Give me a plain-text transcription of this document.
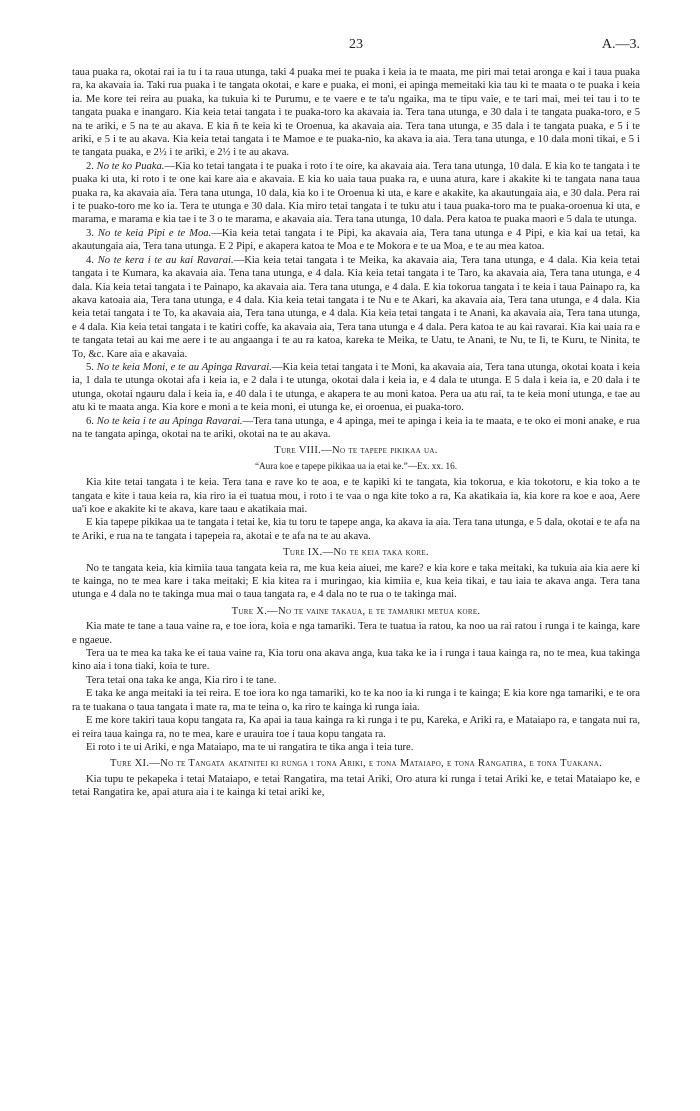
23	A.—3.

taua puaka ra, okotai rai ia tu i ta raua utunga, taki 4 puaka mei te puaka i keia ia te maata, me piri mai tetai aronga e kai i taua puaka ra, ka akavaia ia. Taki rua puaka i te tangata okotai, e kare e puaka, ei moni, ei apinga memeitaki kia tau ki te maata o te puaka i keia ia. Me kore tei reira au puaka, ka tukuia ki te Purumu, e te vaere e te ta'u ngaika, ma te tipu vaie, e te tari mai, mei tei tau i to te tangata puaka e inangaro. Kia keia tetai tangata i te puaka-toro ka akavaia ia. Tera tana utunga, e 30 dala i te tangata puaka-toro, e 5 na te ariki, e 5 na te au akava. E kia ñ te keia ki te Oroenua, ka akavaia aia. Tera tana utunga, e 35 dala i te tangata puaka, e 5 i te ariki, e 5 i te au akava. Kia keia tetai tangata i te Mamoe e te puaka-nio, ka akava ia aia. Tera tana utunga, e 10 dala moni tikai, e 5 i te tangata puaka, e 2½ i te ariki, e 2½ i te au akava.

2. No te ko Puaka.—Kia ko tetai tangata i te puaka i roto i te oire, ka akavaia aia. Tera tana utunga, 10 dala. E kia ko te tangata i te puaka ki uta, ki roto i te one kai kare aia e akavaia. E kia ko uaia taua puaka ra, e uuna atura, kare i akakite ki te tangata nana taua puaka ra, ka akavaia aia. Tera tana utunga, 10 dala, kia ko i te Oroenua ki uta, e kare e akakite, ka akautungaia aia, e 30 dala. Pera rai i te puako-toro me ko ia. Tera te utunga e 30 dala. Kia miro tetai tangata i te tuku atu i taua puaka-toro ma te puaka-oroenua ki uta, e marama, e marama e kia tae i te 3 o te marama, e akavaia aia. Tera tana utunga, 10 dala. Pera katoa te puaka maori e 5 dala te utunga.

3. No te keia Pipi e te Moa.—Kia keia tetai tangata i te Pipi, ka akavaia aia, Tera tana utunga e 4 Pipi, e kia kai ua tetai, ka akautungaia aia, Tera tana utunga. E 2 Pipi, e akapera katoa te Moa e te Mokora e te ua Moa, e te au mea katoa.

4. No te kera i te au kai Ravarai.—Kia keia tetai tangata i te Meika, ka akavaia aia, Tera tana utunga, e 4 dala. Kia keia tetai tangata i te Kumara, ka akavaia aia. Tena tana utunga, e 4 dala. Kia keia tetai tangata i te Taro, ka akavaia aia, Tera tana utunga, e 4 dala. Kia keia tetai tangata i te Painapo, ka akavaia aia. Tera tana utunga, e 4 dala. E kia tokorua tangata i te keia i taua Painapo ra, ka akava katoaia aia, Tera tana utunga, e 4 dala. Kia keia tetai tangata i te Nu e te Akari, ka akavaia aia, Tera tana utunga, e 4 dala. Kia keia tetai tangata i te To, ka akavaia aia, Tera tana utunga, e 4 dala. Kia keia tetai tangata i te Anani, ka akavaia aia, Tera tana utunga, e 4 dala. Kia keia tetai tangata i te katiri coffe, ka akavaia aia, Tera tana utunga e 4 dala. Pera katoa te au kai ravarai. Kia kai uaia ra e te tangata tetai au kai me aere i te au angaanga i te au ra katoa, kareka te Meika, te Uatu, te Anani, te Nu, te Ii, te Kuru, te Ninita, te To, &c. Kare aia e akavaia.

5. No te keia Moni, e te au Apinga Ravarai.—Kia keia tetai tangata i te Moni, ka akavaia aia, Tera tana utunga, okotai koata i keia ia, 1 dala te utunga okotai afa i keia ia, e 2 dala i te utunga, okotai dala i keia ia, e 4 dala te utunga. E 5 dala i keia ia, e 20 dala i te utunga, okotai ngauru dala i keia ia, e 40 dala i te utunga, e akapera te au moni katoa. Pera ua atu rai, ta te keia moni utunga, e tae au atu ki te maata anga. Kia kore e moni a te keia moni, ei utunga ke, ei oroenua, ei puaka-toro.

6. No te keia i te au Apinga Ravarai.—Tera tana utunga, e 4 apinga, mei te apinga i keia ia te maata, e te oko ei moni anake, e rua na te tangata apinga, okotai na te ariki, okotai na te au akava.

Ture VIII.—No te tapepe pikikaa ua.
“Aura koe e tapepe pikikaa ua ia etai ke.”—Ex. xx. 16.

Kia kite tetai tangata i te keia. Tera tana e rave ko te aoa, e te kapiki ki te tangata, kia tokorua, e kia tokotoru, e kia toko a te tangata e kite i taua keia ra, kia riro ia ei tuatua mou, i roto i te vaa o nga kite toko a ra, Ka akatikaia ia, kia kore ra koe e aoa, Aere ua'i koe e akakite ki te akava, kare taau e akatikaia mai.

E kia tapepe pikikaa ua te tangata i tetai ke, kia tu toru te tapepe anga, ka akava ia aia. Tera tana utunga, e 5 dala, okotai e te afa na te Ariki, e rua na te tangata i tapepeia ra, akotai e te afa na te au akava.

Ture IX.—No te keia taka kore.

No te tangata keia, kia kimiia taua tangata keia ra, me kua keia aiuei, me kare? e kia kore e taka meitaki, ka tukuia aia kia aere ki te kainga, no te mea kare i taka meitaki; E kia kitea ra i muringao, kia kimiia e, kua keia tikai, e tau iaia te akava anga. Tera tana utunga e 4 dala no te takinga mua mai o taua tangata ra, e 4 dala no te rua o te takinga mai.

Ture X.—No te vaine takaua, e te tamariki metua kore.

Kia mate te tane a taua vaine ra, e toe iora, koia e nga tamariki. Tera te tuatua ia ratou, ka noo ua rai ratou i runga i te kainga, kare e ngaeue.

Tera ua te mea ka taka ke ei taua vaine ra, Kia toru ona akava anga, kua taka ke ia i runga i taua kainga ra, no te mea, kua takinga kino aia i tona tiaki, koia te ture.

Tera tetai ona taka ke anga, Kia riro i te tane.

E taka ke anga meitaki ia tei reira. E toe iora ko nga tamariki, ko te ka noo ia ki runga i te kainga; E kia kore nga tamariki, e te ora ra te tuakana o taua tangata i mate ra, ma te teina o, ka riro te kainga ki runga iaia.

E me kore takiri taua kopu tangata ra, Ka apai ia taua kainga ra ki runga i te pu, Kareka, e Ariki ra, e Mataiapo ra, e tangata nui ra, ei reira taua kainga ra, no te mea, kare e urauira toe i taua kopu tangata ra.

Ei roto i te ui Ariki, e nga Mataiapo, ma te ui rangatira te tika anga i teia ture.

Ture XI.—No te Tangata akatnitei ki runga i tona Ariki, e tona Mataiapo, e tona Rangatira, e tona Tuakana.

Kia tupu te pekapeka i tetai Mataiapo, e tetai Rangatira, ma tetai Ariki, Oro atura ki runga i tetai Ariki ke, e tetai Mataiapo ke, e tetai Rangatira ke, apai atura aia i te kainga ki tetai ariki ke,
